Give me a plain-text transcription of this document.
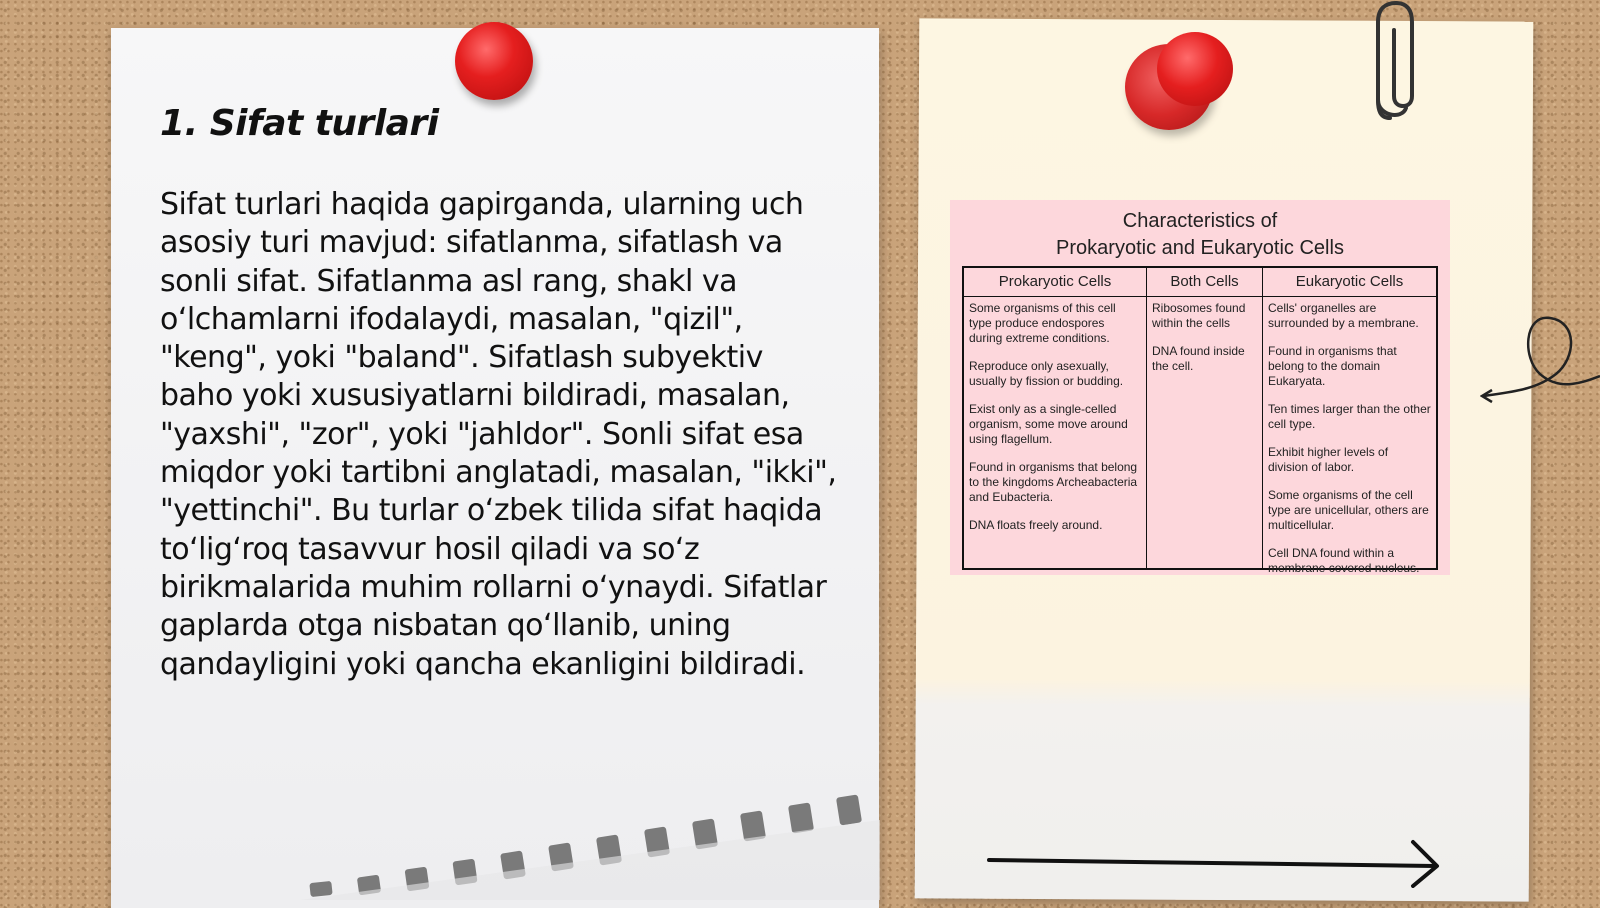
1. Sifat turlari

Sifat turlari haqida gapirganda, ularning uch asosiy turi mavjud: sifatlanma, sifatlash va sonli sifat. Sifatlanma asl rang, shakl va o‘lchamlarni ifodalaydi, masalan, "qizil", "keng", yoki "baland". Sifatlash subyektiv baho yoki xususiyatlarni bildiradi, masalan, "yaxshi", "zor", yoki "jahldor". Sonli sifat esa miqdor yoki tartibni anglatadi, masalan, "ikki", "yettinchi". Bu turlar o‘zbek tilida sifat haqida to‘lig‘roq tasavvur hosil qiladi va so‘z birikmalarida muhim rollarni o‘ynaydi. Sifatlar gaplarda otga nisbatan qo‘llanib, uning qandayligini yoki qancha ekanligini bildiradi.

Characteristics of
Prokaryotic and Eukaryotic Cells
Prokaryotic Cells
Some organisms of this cell type produce endospores during extreme conditions.
Reproduce only asexually, usually by fission or budding.
Exist only as a single-celled organism, some move around using flagellum.
Found in organisms that belong to the kingdoms Archeabacteria and Eubacteria.
DNA floats freely around.
Both Cells
Ribosomes found within the cells
DNA found inside the cell.
Eukaryotic Cells
Cells' organelles are surrounded by a membrane.
Found in organisms that belong to the domain Eukaryata.
Ten times larger than the other cell type.
Exhibit higher levels of division of labor.
Some organisms of the cell type are unicellular, others are multicellular.
Cell DNA found within a membrane covered nucleus.
